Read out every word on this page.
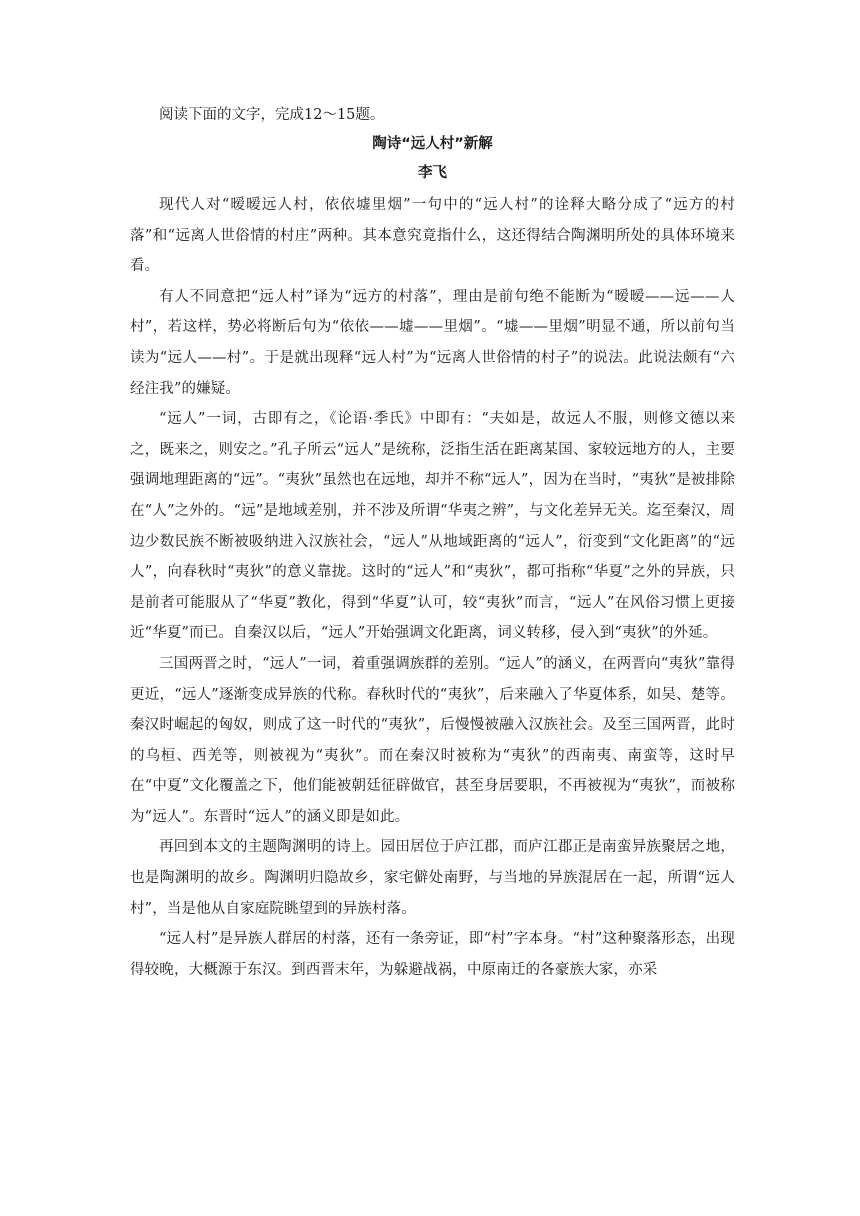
阅读下面的文字，完成12～15题。

陶诗“远人村”新解

李飞

现代人对“暧暧远人村，依依墟里烟”一句中的“远人村”的诠释大略分成了“远方的村落”和“远离人世俗情的村庄”两种。其本意究竟指什么，这还得结合陶渊明所处的具体环境来看。

有人不同意把“远人村”译为“远方的村落”，理由是前句绝不能断为“暧暧——远——人村”，若这样，势必将断后句为“依依——墟——里烟”。“墟——里烟”明显不通，所以前句当读为“远人——村”。于是就出现释“远人村”为“远离人世俗情的村子”的说法。此说法颇有“六经注我”的嫌疑。

“远人”一词，古即有之，《论语·季氏》中即有：“夫如是，故远人不服，则修文德以来之，既来之，则安之。”孔子所云“远人”是统称，泛指生活在距离某国、家较远地方的人，主要强调地理距离的“远”。“夷狄”虽然也在远地，却并不称“远人”，因为在当时，“夷狄”是被排除在“人”之外的。“远”是地域差别，并不涉及所谓“华夷之辨”，与文化差异无关。迄至秦汉，周边少数民族不断被吸纳进入汉族社会，“远人”从地域距离的“远人”，衍变到“文化距离”的“远人”，向春秋时“夷狄”的意义靠拢。这时的“远人”和“夷狄”，都可指称“华夏”之外的异族，只是前者可能服从了“华夏”教化，得到“华夏”认可，较“夷狄”而言，“远人”在风俗习惯上更接近“华夏”而已。自秦汉以后，“远人”开始强调文化距离，词义转移，侵入到“夷狄”的外延。

三国两晋之时，“远人”一词，着重强调族群的差别。“远人”的涵义，在两晋向“夷狄”靠得更近，“远人”逐渐变成异族的代称。春秋时代的“夷狄”，后来融入了华夏体系，如吴、楚等。秦汉时崛起的匈奴，则成了这一时代的“夷狄”，后慢慢被融入汉族社会。及至三国两晋，此时的乌桓、西羌等，则被视为“夷狄”。而在秦汉时被称为“夷狄”的西南夷、南蛮等，这时早在“中夏”文化覆盖之下，他们能被朝廷征辟做官，甚至身居要职，不再被视为“夷狄”，而被称为“远人”。东晋时“远人”的涵义即是如此。

再回到本文的主题陶渊明的诗上。园田居位于庐江郡，而庐江郡正是南蛮异族聚居之地，也是陶渊明的故乡。陶渊明归隐故乡，家宅僻处南野，与当地的异族混居在一起，所谓“远人村”，当是他从自家庭院眺望到的异族村落。

“远人村”是异族人群居的村落，还有一条旁证，即“村”字本身。“村”这种聚落形态，出现得较晚，大概源于东汉。到西晋末年，为躲避战祸，中原南迁的各豪族大家，亦采
